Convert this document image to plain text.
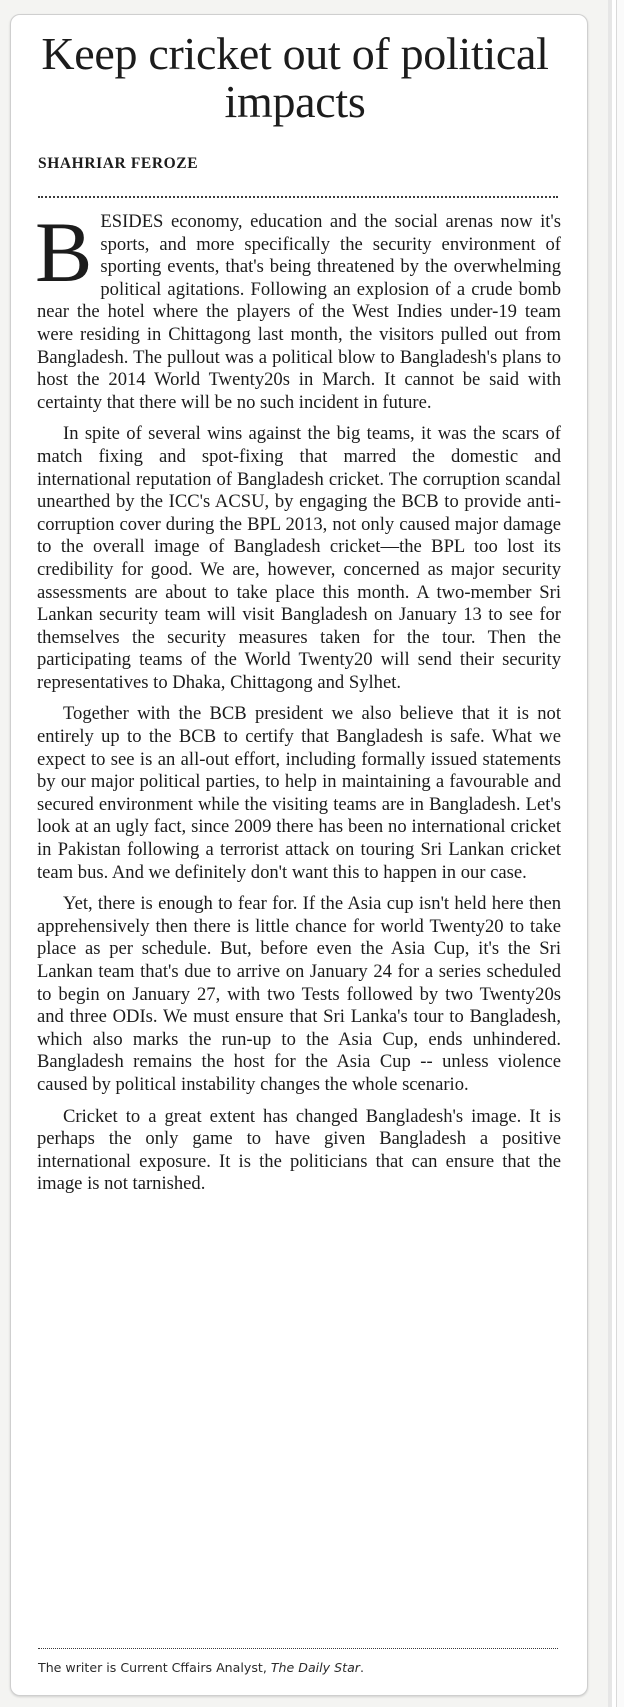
Keep cricket out of political impacts

SHAHRIAR FEROZE

BESIDES economy, education and the social arenas now it's sports, and more specifically the security environment of sporting events, that's being threatened by the overwhelming political agitations. Following an explosion of a crude bomb near the hotel where the players of the West Indies under-19 team were residing in Chittagong last month, the visitors pulled out from Bangladesh. The pullout was a political blow to Bangladesh's plans to host the 2014 World Twenty20s in March. It cannot be said with certainty that there will be no such incident in future.

In spite of several wins against the big teams, it was the scars of match fixing and spot-fixing that marred the domestic and international reputation of Bangladesh cricket. The corruption scandal unearthed by the ICC's ACSU, by engaging the BCB to provide anti-corruption cover during the BPL 2013, not only caused major damage to the overall image of Bangladesh cricket—the BPL too lost its credibility for good. We are, however, concerned as major security assessments are about to take place this month. A two-member Sri Lankan security team will visit Bangladesh on January 13 to see for themselves the security measures taken for the tour. Then the participating teams of the World Twenty20 will send their security representatives to Dhaka, Chittagong and Sylhet.

Together with the BCB president we also believe that it is not entirely up to the BCB to certify that Bangladesh is safe. What we expect to see is an all-out effort, including formally issued statements by our major political parties, to help in maintaining a favourable and secured environment while the visiting teams are in Bangladesh. Let's look at an ugly fact, since 2009 there has been no international cricket in Pakistan following a terrorist attack on touring Sri Lankan cricket team bus. And we definitely don't want this to happen in our case.

Yet, there is enough to fear for. If the Asia cup isn't held here then apprehensively then there is little chance for world Twenty20 to take place as per schedule. But, before even the Asia Cup, it's the Sri Lankan team that's due to arrive on January 24 for a series scheduled to begin on January 27, with two Tests followed by two Twenty20s and three ODIs. We must ensure that Sri Lanka's tour to Bangladesh, which also marks the run-up to the Asia Cup, ends unhindered. Bangladesh remains the host for the Asia Cup -- unless violence caused by political instability changes the whole scenario.

Cricket to a great extent has changed Bangladesh's image. It is perhaps the only game to have given Bangladesh a positive international exposure. It is the politicians that can ensure that the image is not tarnished.

The writer is Current Cffairs Analyst, The Daily Star.
